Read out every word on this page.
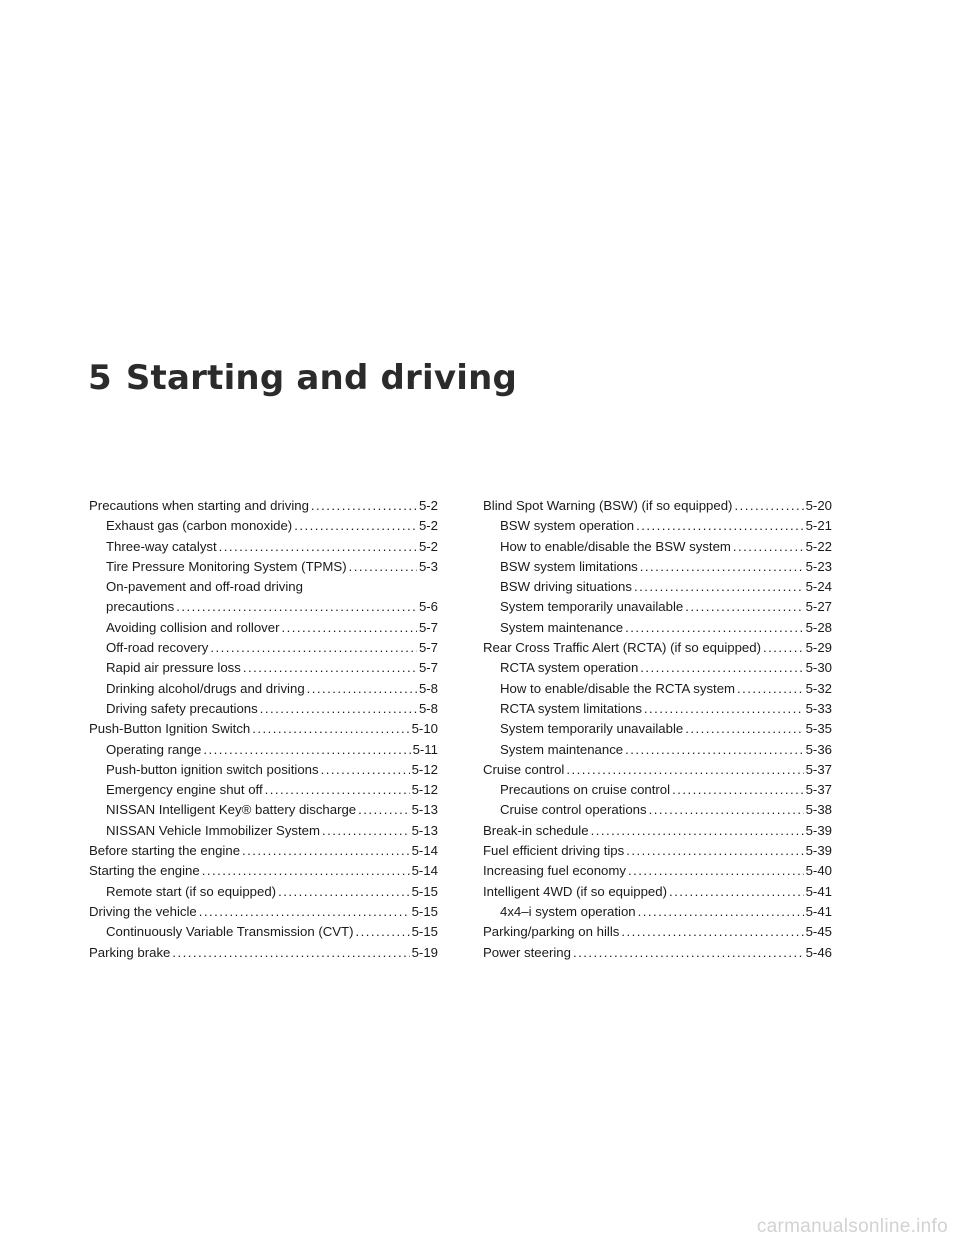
5 Starting and driving
Precautions when starting and driving . . .	5-2
Exhaust gas (carbon monoxide) . . .	5-2
Three-way catalyst . . .	5-2
Tire Pressure Monitoring System (TPMS) . . .	5-3
On-pavement and off-road driving
precautions . . .	5-6
Avoiding collision and rollover . . .	5-7
Off-road recovery . . .	5-7
Rapid air pressure loss . . .	5-7
Drinking alcohol/drugs and driving . . .	5-8
Driving safety precautions . . .	5-8
Push-Button Ignition Switch . . .	5-10
Operating range . . .	5-11
Push-button ignition switch positions . . .	5-12
Emergency engine shut off . . .	5-12
NISSAN Intelligent Key® battery discharge . . .	5-13
NISSAN Vehicle Immobilizer System . . .	5-13
Before starting the engine . . .	5-14
Starting the engine . . .	5-14
Remote start (if so equipped) . . .	5-15
Driving the vehicle . . .	5-15
Continuously Variable Transmission (CVT) . . .	5-15
Parking brake . . .	5-19
Blind Spot Warning (BSW) (if so equipped) . . .	5-20
BSW system operation . . .	5-21
How to enable/disable the BSW system . . .	5-22
BSW system limitations . . .	5-23
BSW driving situations . . .	5-24
System temporarily unavailable . . .	5-27
System maintenance . . .	5-28
Rear Cross Traffic Alert (RCTA) (if so equipped) . . .	5-29
RCTA system operation . . .	5-30
How to enable/disable the RCTA system . . .	5-32
RCTA system limitations . . .	5-33
System temporarily unavailable . . .	5-35
System maintenance . . .	5-36
Cruise control . . .	5-37
Precautions on cruise control . . .	5-37
Cruise control operations . . .	5-38
Break-in schedule . . .	5-39
Fuel efficient driving tips . . .	5-39
Increasing fuel economy . . .	5-40
Intelligent 4WD (if so equipped) . . .	5-41
4x4–i system operation . . .	5-41
Parking/parking on hills . . .	5-45
Power steering . . .	5-46
carmanualsonline.info
